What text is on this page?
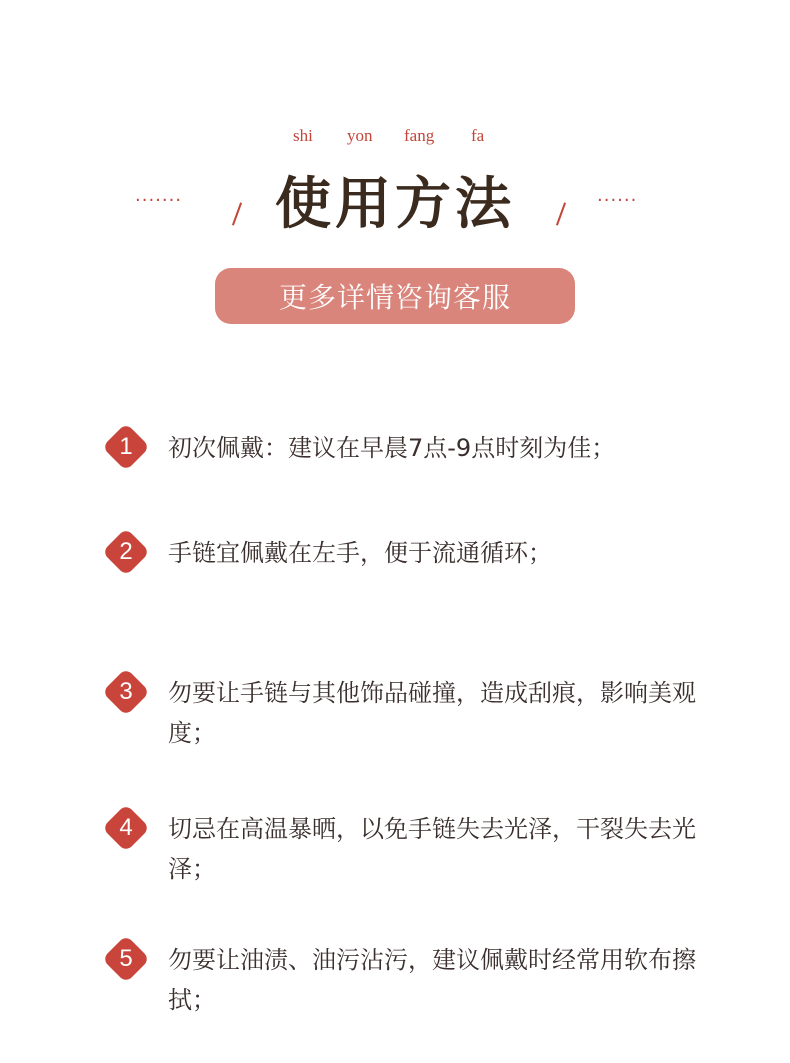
shi yon fang fa
·······	使用方法	······
更多详情咨询客服
1	初次佩戴：建议在早晨7点-9点时刻为佳；
2	手链宜佩戴在左手，便于流通循环；
3	勿要让手链与其他饰品碰撞，造成刮痕，影响美观度；
4	切忌在高温暴晒，以免手链失去光泽，干裂失去光泽；
5	勿要让油渍、油污沾污，建议佩戴时经常用软布擦拭；
